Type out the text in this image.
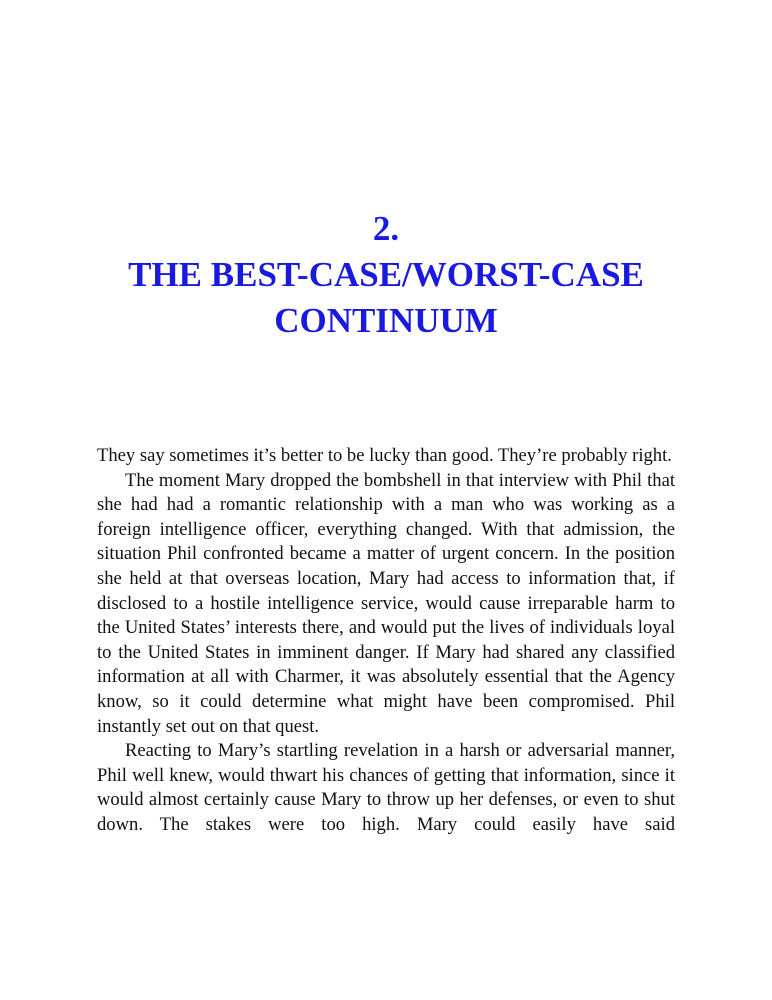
2.
THE BEST-CASE/WORST-CASE
CONTINUUM

They say sometimes it’s better to be lucky than good. They’re probably right.

The moment Mary dropped the bombshell in that interview with Phil that she had had a romantic relationship with a man who was working as a foreign intelligence officer, everything changed. With that admission, the situation Phil confronted became a matter of urgent concern. In the position she held at that overseas location, Mary had access to information that, if disclosed to a hostile intelligence service, would cause irreparable harm to the United States’ interests there, and would put the lives of individuals loyal to the United States in imminent danger. If Mary had shared any classified information at all with Charmer, it was absolutely essential that the Agency know, so it could determine what might have been compromised. Phil instantly set out on that quest.

Reacting to Mary’s startling revelation in a harsh or adversarial manner, Phil well knew, would thwart his chances of getting that information, since it would almost certainly cause Mary to throw up her defenses, or even to shut down. The stakes were too high. Mary could easily have said
